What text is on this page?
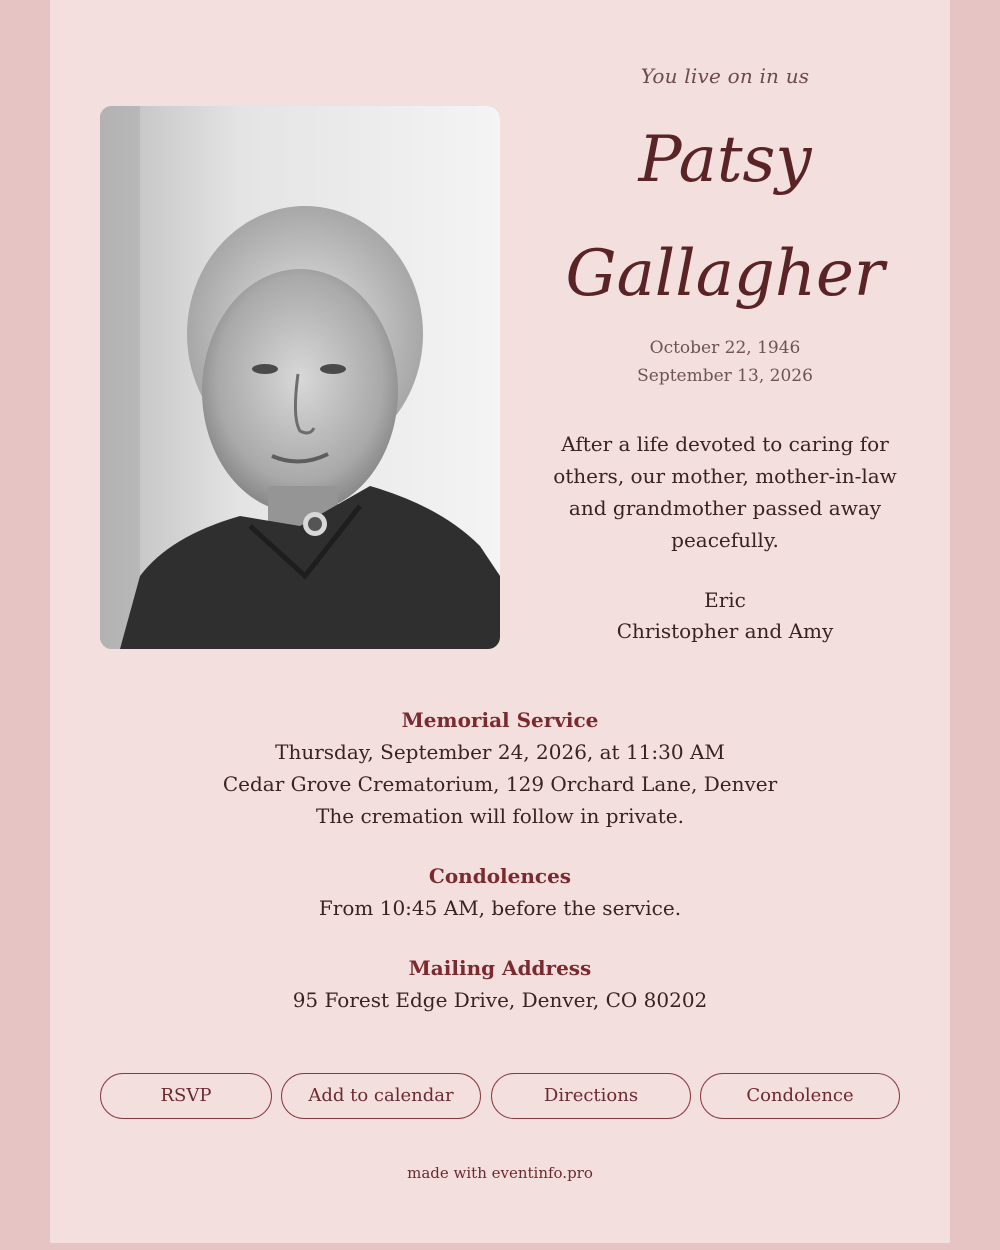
You live on in us
Patsy
Gallagher
October 22, 1946
September 13, 2026
After a life devoted to caring for others, our mother, mother-in-law and grandmother passed away peacefully.
Eric
Christopher and Amy
Memorial Service
Thursday, September 24, 2026, at 11:30 AM
Cedar Grove Crematorium, 129 Orchard Lane, Denver
The cremation will follow in private.
Condolences
From 10:45 AM, before the service.
Mailing Address
95 Forest Edge Drive, Denver, CO 80202
RSVP	Add to calendar	Directions	Condolence
made with eventinfo.pro
